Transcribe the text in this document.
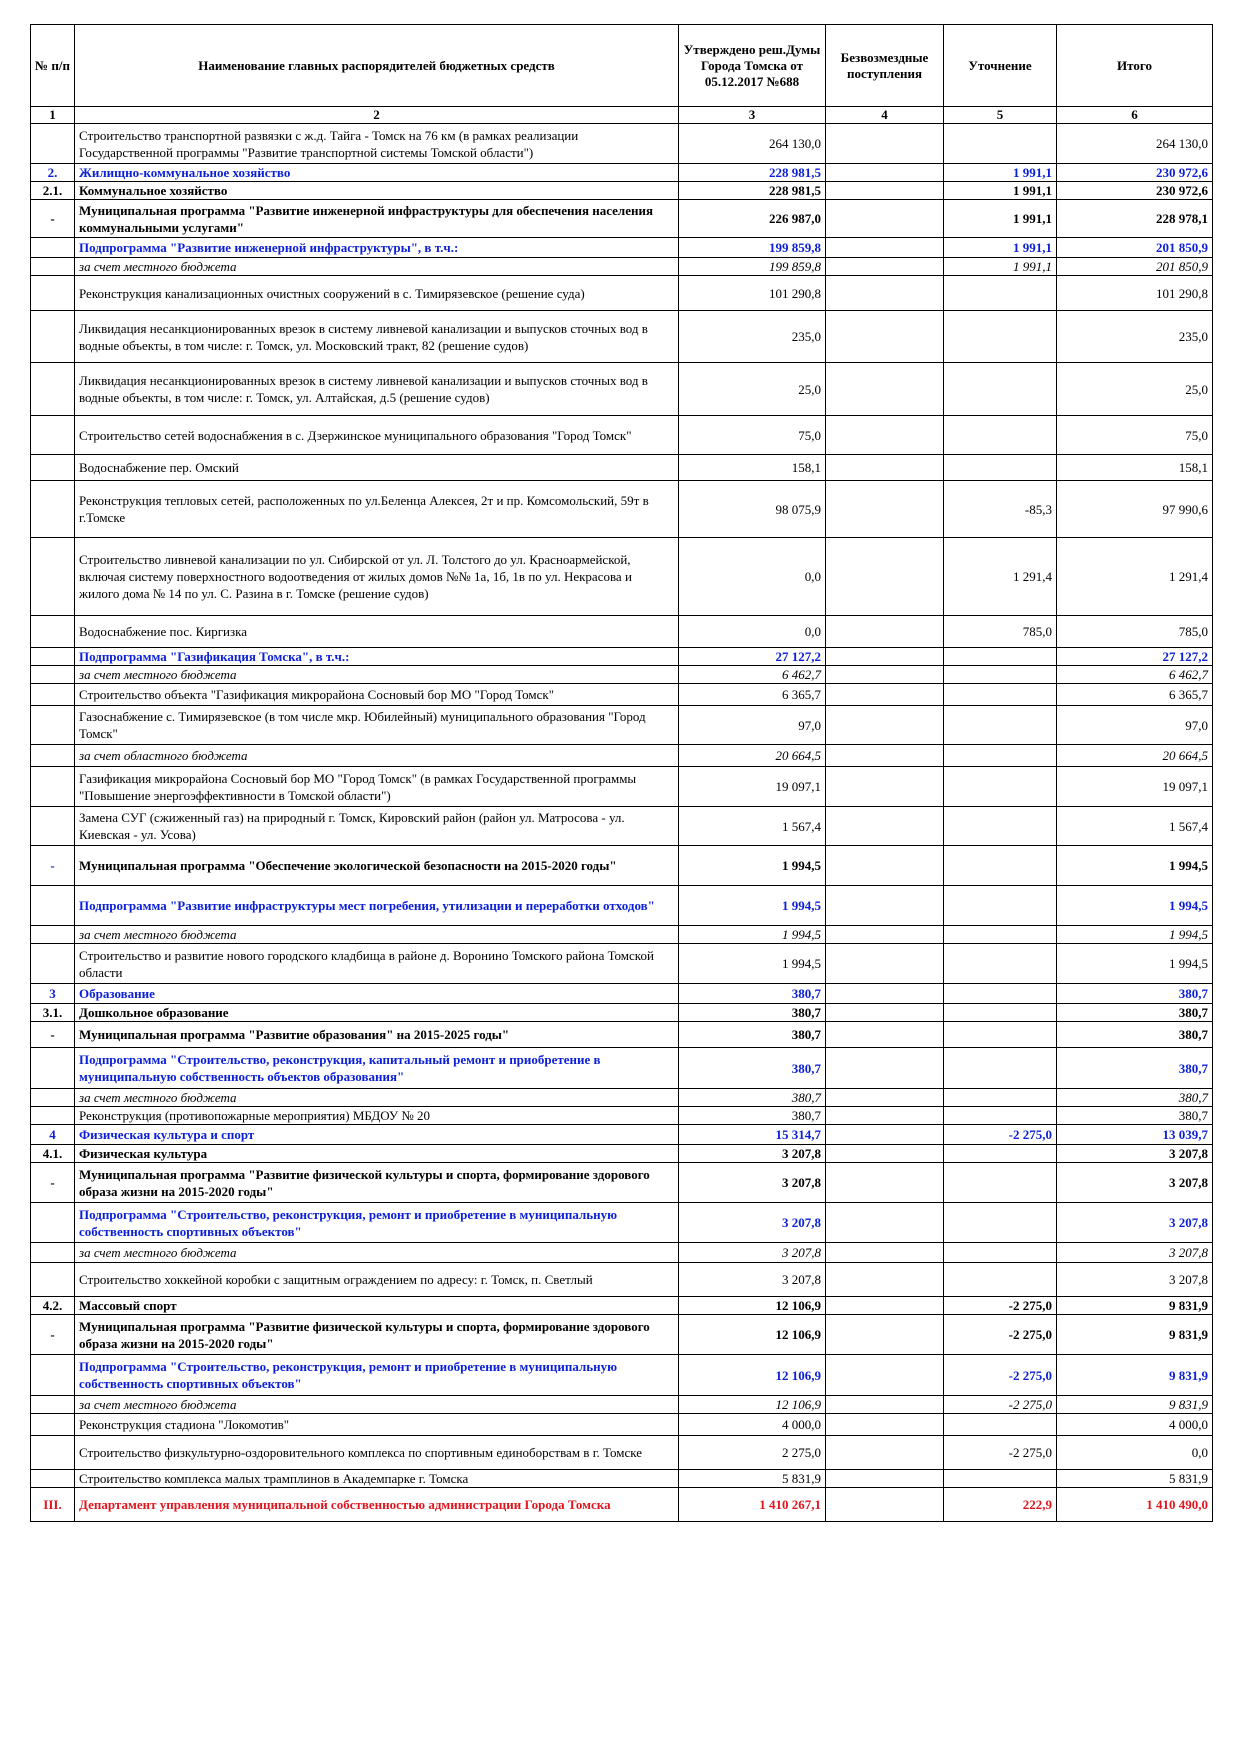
№ п/п	Наименование главных распорядителей бюджетных средств	Утверждено реш.Думы Города Томска от 05.12.2017 №688	Безвозмездные поступления	Уточнение	Итого
1	2	3	4	5	6
	Строительство транспортной развязки с ж.д. Тайга - Томск на 76 км (в рамках реализации Государственной программы "Развитие транспортной системы Томской области")	264 130,0			264 130,0
2.	Жилищно-коммунальное хозяйство	228 981,5		1 991,1	230 972,6
2.1.	Коммунальное хозяйство	228 981,5		1 991,1	230 972,6
-	Муниципальная программа "Развитие инженерной инфраструктуры для обеспечения населения коммунальными услугами"	226 987,0		1 991,1	228 978,1
	Подпрограмма "Развитие инженерной инфраструктуры", в т.ч.:	199 859,8		1 991,1	201 850,9
	за счет местного бюджета	199 859,8		1 991,1	201 850,9
	Реконструкция канализационных очистных сооружений в с. Тимирязевское (решение суда)	101 290,8			101 290,8
	Ликвидация несанкционированных врезок в систему ливневой канализации и выпусков сточных вод в водные объекты, в том числе: г. Томск, ул. Московский тракт, 82 (решение судов)	235,0			235,0
	Ликвидация несанкционированных врезок в систему ливневой канализации и выпусков сточных вод в водные объекты, в том числе: г. Томск, ул. Алтайская, д.5 (решение судов)	25,0			25,0
	Строительство сетей водоснабжения в с. Дзержинское муниципального образования "Город Томск"	75,0			75,0
	Водоснабжение пер. Омский	158,1			158,1
	Реконструкция тепловых сетей, расположенных по ул.Беленца Алексея, 2т и пр. Комсомольский, 59т в г.Томске	98 075,9		-85,3	97 990,6
	Строительство ливневой канализации по ул. Сибирской от ул. Л. Толстого до ул. Красноармейской, включая систему поверхностного водоотведения от жилых домов №№ 1а, 1б, 1в по ул. Некрасова и жилого дома № 14 по ул. С. Разина в г. Томске (решение судов)	0,0		1 291,4	1 291,4
	Водоснабжение пос. Киргизка	0,0		785,0	785,0
	Подпрограмма "Газификация Томска", в т.ч.:	27 127,2			27 127,2
	за счет местного бюджета	6 462,7			6 462,7
	Строительство объекта "Газификация микрорайона Сосновый бор МО "Город Томск"	6 365,7			6 365,7
	Газоснабжение с. Тимирязевское (в том числе мкр. Юбилейный) муниципального образования "Город Томск"	97,0			97,0
	за счет областного бюджета	20 664,5			20 664,5
	Газификация микрорайона Сосновый бор МО "Город Томск" (в рамках Государственной программы "Повышение энергоэффективности в Томской области")	19 097,1			19 097,1
	Замена СУГ (сжиженный газ) на природный г. Томск, Кировский район (район ул. Матросова - ул. Киевская - ул. Усова)	1 567,4			1 567,4
-	Муниципальная программа "Обеспечение экологической безопасности на 2015-2020 годы"	1 994,5			1 994,5
	Подпрограмма "Развитие инфраструктуры мест погребения, утилизации и переработки отходов"	1 994,5			1 994,5
	за счет местного бюджета	1 994,5			1 994,5
	Строительство и развитие нового городского кладбища в районе д. Воронино Томского района Томской области	1 994,5			1 994,5
3	Образование	380,7			380,7
3.1.	Дошкольное образование	380,7			380,7
-	Муниципальная программа "Развитие образования" на 2015-2025 годы"	380,7			380,7
	Подпрограмма "Строительство, реконструкция, капитальный ремонт и приобретение в муниципальную собственность объектов образования"	380,7			380,7
	за счет местного бюджета	380,7			380,7
	Реконструкция (противопожарные мероприятия) МБДОУ № 20	380,7			380,7
4	Физическая культура и спорт	15 314,7		-2 275,0	13 039,7
4.1.	Физическая культура	3 207,8			3 207,8
-	Муниципальная программа "Развитие физической культуры и спорта, формирование здорового образа жизни на 2015-2020 годы"	3 207,8			3 207,8
	Подпрограмма "Строительство, реконструкция, ремонт и приобретение в муниципальную собственность спортивных объектов"	3 207,8			3 207,8
	за счет местного бюджета	3 207,8			3 207,8
	Строительство хоккейной коробки с защитным ограждением по адресу: г. Томск, п. Светлый	3 207,8			3 207,8
4.2.	Массовый спорт	12 106,9		-2 275,0	9 831,9
-	Муниципальная программа "Развитие физической культуры и спорта, формирование здорового образа жизни на 2015-2020 годы"	12 106,9		-2 275,0	9 831,9
	Подпрограмма "Строительство, реконструкция, ремонт и приобретение в муниципальную собственность спортивных объектов"	12 106,9		-2 275,0	9 831,9
	за счет местного бюджета	12 106,9		-2 275,0	9 831,9
	Реконструкция стадиона "Локомотив"	4 000,0			4 000,0
	Строительство физкультурно-оздоровительного комплекса по спортивным единоборствам в г. Томске	2 275,0		-2 275,0	0,0
	Строительство комплекса малых трамплинов в Академпарке г. Томска	5 831,9			5 831,9
III.	Департамент управления муниципальной собственностью администрации Города Томска	1 410 267,1		222,9	1 410 490,0
